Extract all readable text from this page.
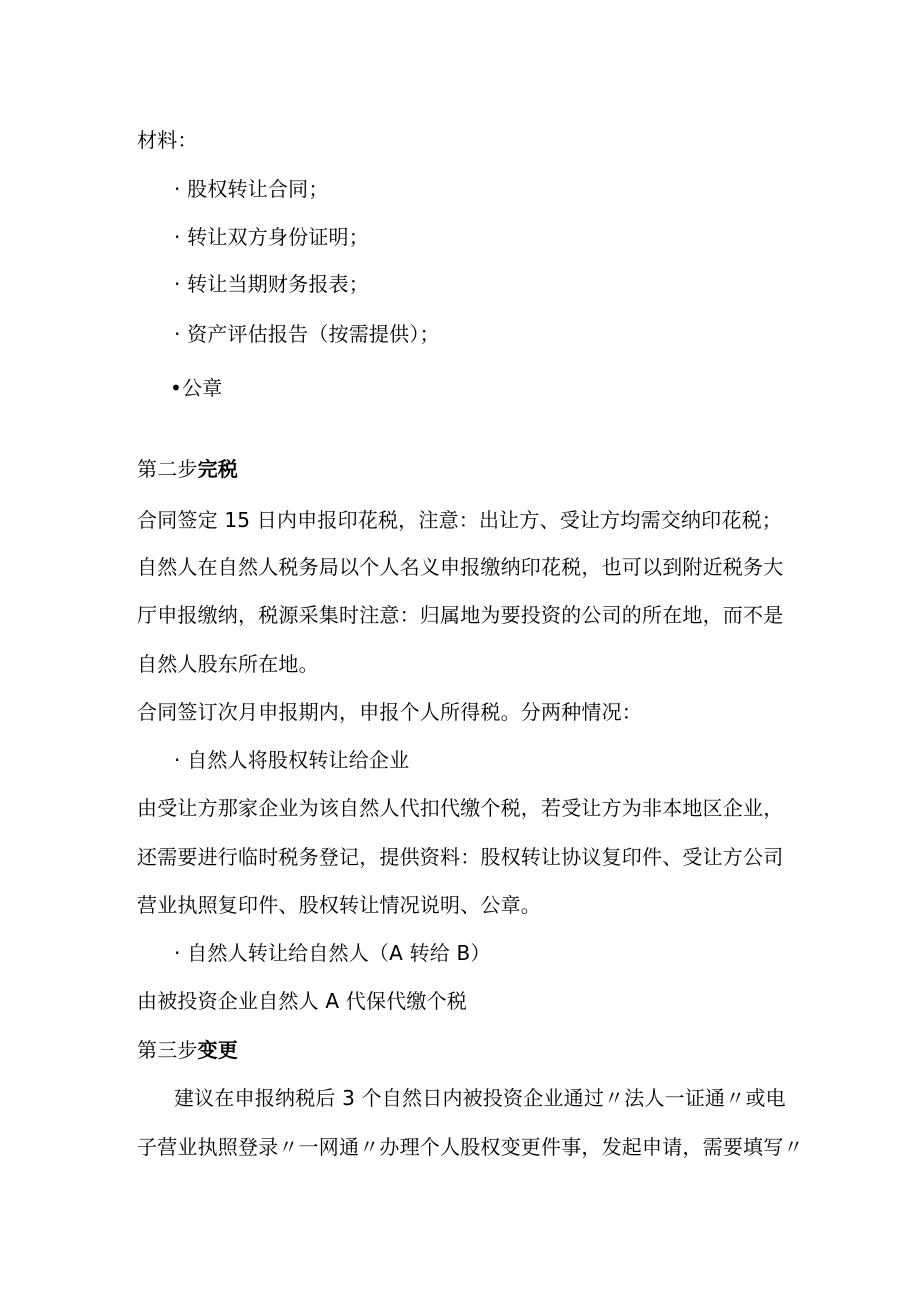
材料：
· 股权转让合同；
· 转让双方身份证明；
· 转让当期财务报表；
· 资产评估报告（按需提供）；
•公章
第二步完税
合同签定 15 日内申报印花税，注意：出让方、受让方均需交纳印花税；
自然人在自然人税务局以个人名义申报缴纳印花税，也可以到附近税务大
厅申报缴纳，税源采集时注意：归属地为要投资的公司的所在地，而不是
自然人股东所在地。
合同签订次月申报期内，申报个人所得税。分两种情况：
· 自然人将股权转让给企业
由受让方那家企业为该自然人代扣代缴个税，若受让方为非本地区企业，
还需要进行临时税务登记，提供资料：股权转让协议复印件、受让方公司
营业执照复印件、股权转让情况说明、公章。
· 自然人转让给自然人（A 转给 B）
由被投资企业自然人 A 代保代缴个税
第三步变更
建议在申报纳税后 3 个自然日内被投资企业通过〃法人一证通〃或电
子营业执照登录〃一网通〃办理个人股权变更件事，发起申请，需要填写〃
